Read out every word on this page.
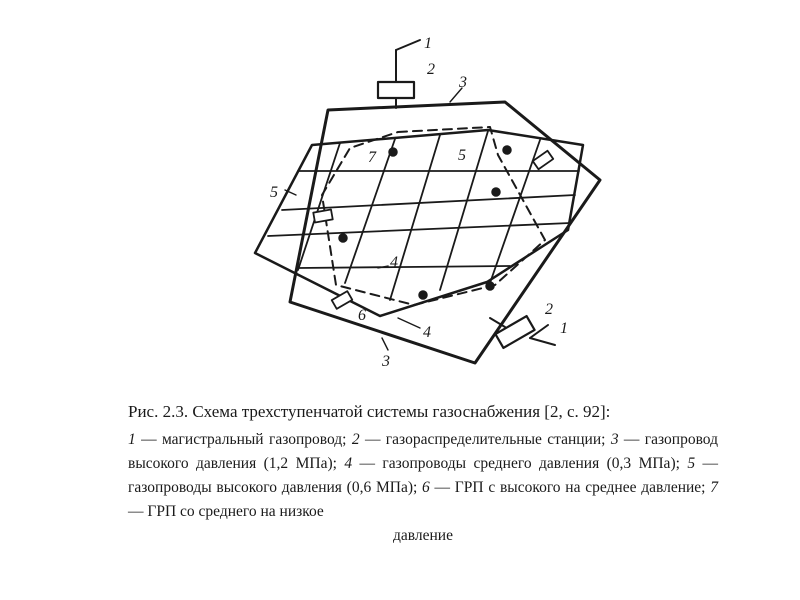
1
2
3
7	5
5
4
6
4
3
2
1
Рис. 2.3. Схема трехступенчатой системы газоснабжения [2, с. 92]:
1 — магистральный газопровод; 2 — газораспределительные станции; 3 — газопровод высокого давления (1,2 МПа); 4 — газопроводы среднего давления (0,3 МПа); 5 — газопроводы высокого давления (0,6 МПа); 6 — ГРП с высокого на среднее давление; 7 — ГРП со среднего на низкое
давление
